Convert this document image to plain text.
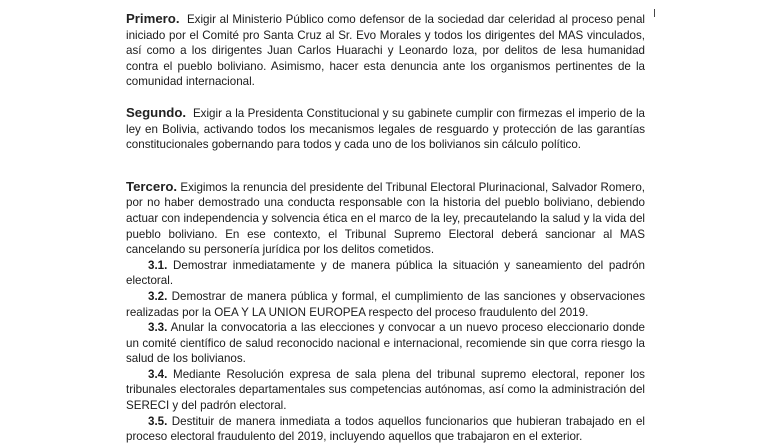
Primero. Exigir al Ministerio Público como defensor de la sociedad dar celeridad al proceso penal iniciado por el Comité pro Santa Cruz al Sr. Evo Morales y todos los dirigentes del MAS vinculados, así como a los dirigentes Juan Carlos Huarachi y Leonardo loza, por delitos de lesa humanidad contra el pueblo boliviano. Asimismo, hacer esta denuncia ante los organismos pertinentes de la comunidad internacional.

Segundo. Exigir a la Presidenta Constitucional y su gabinete cumplir con firmezas el imperio de la ley en Bolivia, activando todos los mecanismos legales de resguardo y protección de las garantías constitucionales gobernando para todos y cada uno de los bolivianos sin cálculo político.

Tercero. Exigimos la renuncia del presidente del Tribunal Electoral Plurinacional, Salvador Romero, por no haber demostrado una conducta responsable con la historia del pueblo boliviano, debiendo actuar con independencia y solvencia ética en el marco de la ley, precautelando la salud y la vida del pueblo boliviano. En ese contexto, el Tribunal Supremo Electoral deberá sancionar al MAS cancelando su personería jurídica por los delitos cometidos.

3.1. Demostrar inmediatamente y de manera pública la situación y saneamiento del padrón electoral.

3.2. Demostrar de manera pública y formal, el cumplimiento de las sanciones y observaciones realizadas por la OEA Y LA UNION EUROPEA respecto del proceso fraudulento del 2019.

3.3. Anular la convocatoria a las elecciones y convocar a un nuevo proceso eleccionario donde un comité científico de salud reconocido nacional e internacional, recomiende sin que corra riesgo la salud de los bolivianos.

3.4. Mediante Resolución expresa de sala plena del tribunal supremo electoral, reponer los tribunales electorales departamentales sus competencias autónomas, así como la administración del SERECI y del padrón electoral.

3.5. Destituir de manera inmediata a todos aquellos funcionarios que hubieran trabajado en el proceso electoral fraudulento del 2019, incluyendo aquellos que trabajaron en el exterior.
